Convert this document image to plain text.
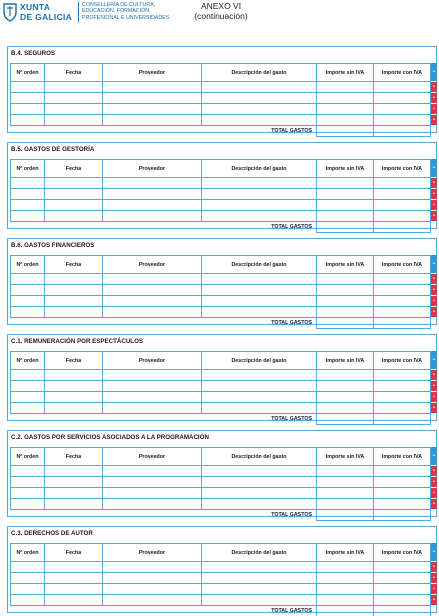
XUNTA
DE GALICIA
CONSELLERÍA DE CULTURA,
EDUCACIÓN, FORMACIÓN
PROFESIONAL E UNIVERSIDADES
ANEXO VI
(continuación)
B.4. SEGUROS
Nº orden	Fecha	Proveedor	Descripción del gasto	Importe sin IVA	Importe con IVA

TOTAL GASTOS					
+
•
•
•
•
B.5. GASTOS DE GESTORÍA
Nº orden	Fecha	Proveedor	Descripción del gasto	Importe sin IVA	Importe con IVA

TOTAL GASTOS					
+
•
•
•
•
B.6. GASTOS FINANCIEROS
Nº orden	Fecha	Proveedor	Descripción del gasto	Importe sin IVA	Importe con IVA

TOTAL GASTOS					
+
•
•
•
•
C.1. REMUNERACIÓN POR ESPECTÁCULOS
Nº orden	Fecha	Proveedor	Descripción del gasto	Importe sin IVA	Importe con IVA

TOTAL GASTOS					
+
•
•
•
•
C.2. GASTOS POR SERVICIOS ASOCIADOS A LA PROGRAMACIÓN
Nº orden	Fecha	Proveedor	Descripción del gasto	Importe sin IVA	Importe con IVA

TOTAL GASTOS					
+
•
•
•
•
C.3. DERECHOS DE AUTOR
Nº orden	Fecha	Proveedor	Descripción del gasto	Importe sin IVA	Importe con IVA

TOTAL GASTOS					
+
•
•
•
•
